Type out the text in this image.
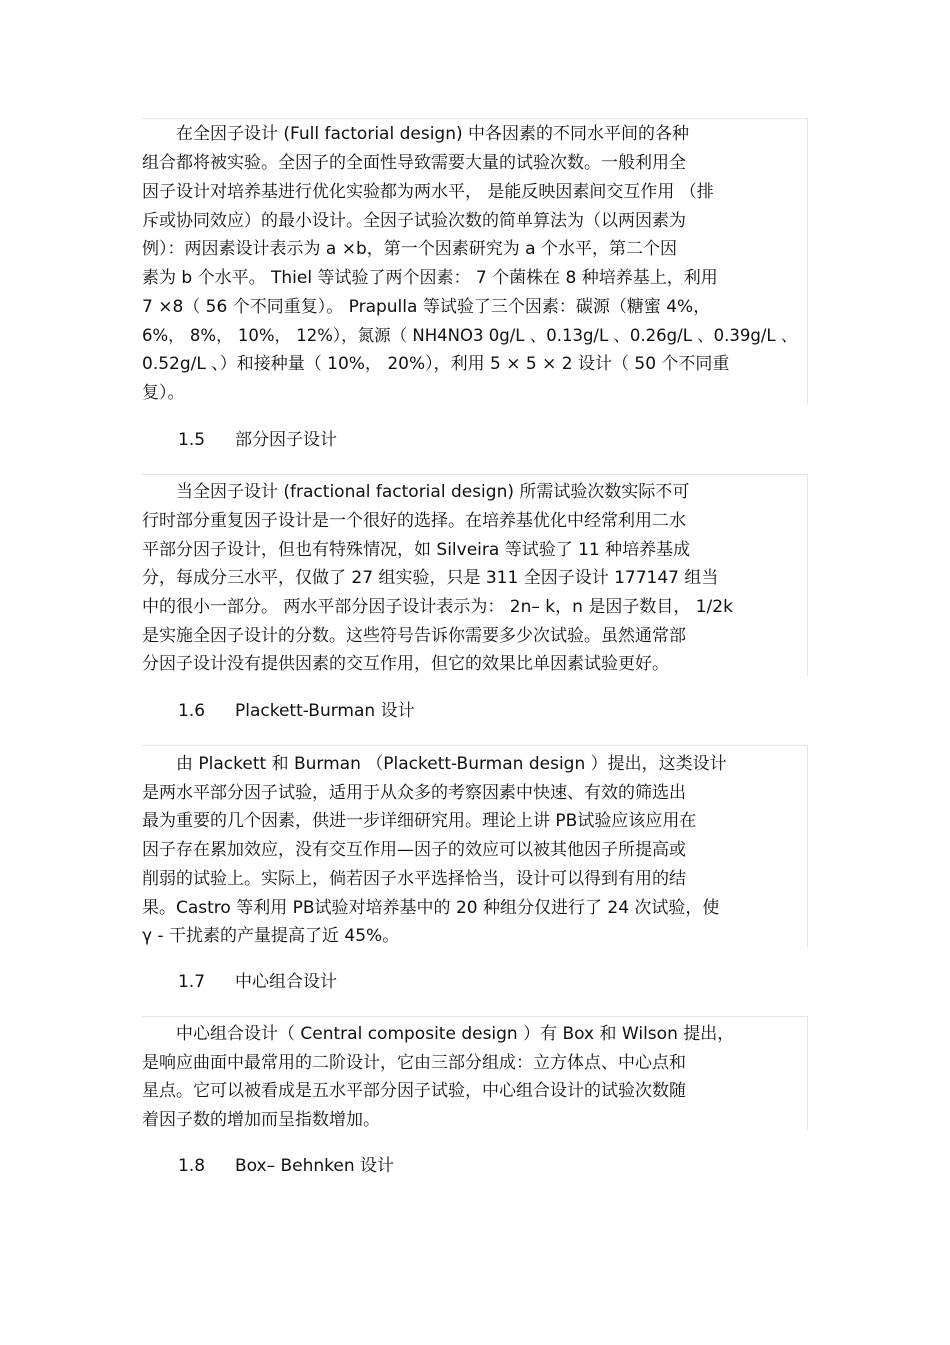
　　在全因子设计 (Full factorial design) 中各因素的不同水平间的各种
组合都将被实验。全因子的全面性导致需要大量的试验次数。一般利用全
因子设计对培养基进行优化实验都为两水平， 是能反映因素间交互作用 （排
斥或协同效应）的最小设计。全因子试验次数的简单算法为（以两因素为
例）：两因素设计表示为 a ×b，第一个因素研究为 a 个水平，第二个因
素为 b 个水平。 Thiel 等试验了两个因素： 7 个菌株在 8 种培养基上，利用
7 ×8（ 56 个不同重复）。 Prapulla 等试验了三个因素：碳源（糖蜜 4%，
6%， 8%， 10%， 12%），氮源（ NH4NO3 0g/L 、0.13g/L 、0.26g/L 、0.39g/L 、
0.52g/L 、）和接种量（ 10%， 20%），利用 5 × 5 × 2 设计（ 50 个不同重
复）。
1.5 部分因子设计
　　当全因子设计 (fractional factorial design) 所需试验次数实际不可
行时部分重复因子设计是一个很好的选择。在培养基优化中经常利用二水
平部分因子设计，但也有特殊情况，如 Silveira 等试验了 11 种培养基成
分，每成分三水平，仅做了 27 组实验，只是 311 全因子设计 177147 组当
中的很小一部分。 两水平部分因子设计表示为： 2n– k，n 是因子数目， 1/2k
是实施全因子设计的分数。这些符号告诉你需要多少次试验。虽然通常部
分因子设计没有提供因素的交互作用，但它的效果比单因素试验更好。
1.6 Plackett-Burman 设计
　　由 Plackett 和 Burman （Plackett-Burman design ）提出，这类设计
是两水平部分因子试验，适用于从众多的考察因素中快速、有效的筛选出
最为重要的几个因素，供进一步详细研究用。理论上讲 PB试验应该应用在
因子存在累加效应，没有交互作用—因子的效应可以被其他因子所提高或
削弱的试验上。实际上，倘若因子水平选择恰当，设计可以得到有用的结
果。Castro 等利用 PB试验对培养基中的 20 种组分仅进行了 24 次试验，使
γ - 干扰素的产量提高了近 45%。
1.7 中心组合设计
　　中心组合设计（ Central composite design ）有 Box 和 Wilson 提出，
是响应曲面中最常用的二阶设计，它由三部分组成：立方体点、中心点和
星点。它可以被看成是五水平部分因子试验，中心组合设计的试验次数随
着因子数的增加而呈指数增加。
1.8 Box– Behnken 设计
